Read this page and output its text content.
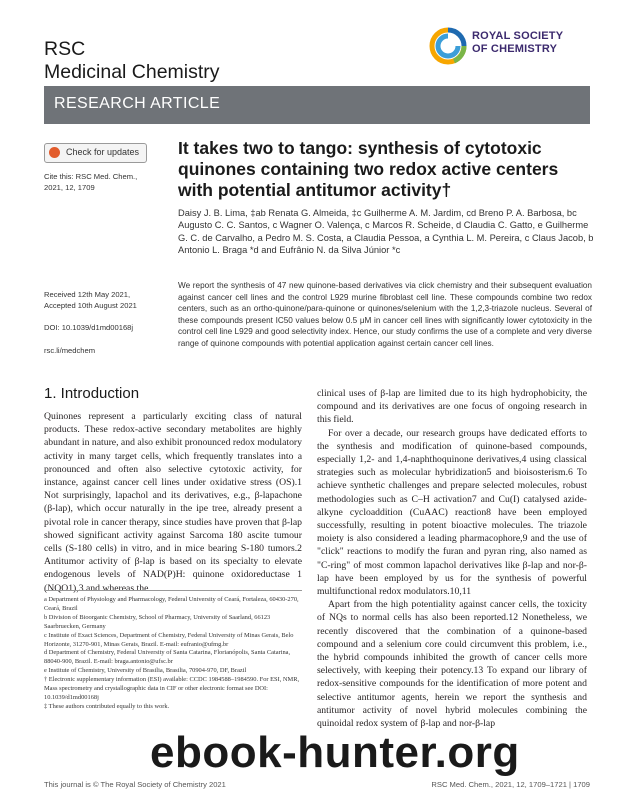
RSC
Medicinal Chemistry
ROYAL SOCIETY
OF CHEMISTRY
RESEARCH ARTICLE
Check for updates
Cite this: RSC Med. Chem., 2021, 12, 1709
It takes two to tango: synthesis of cytotoxic quinones containing two redox active centers with potential antitumor activity†
Daisy J. B. Lima, ‡ab Renata G. Almeida, ‡c Guilherme A. M. Jardim, cd Breno P. A. Barbosa, bc Augusto C. C. Santos, c Wagner O. Valença, c Marcos R. Scheide, d Claudia C. Gatto, e Guilherme G. C. de Carvalho, a Pedro M. S. Costa, a Claudia Pessoa, a Cynthia L. M. Pereira, c Claus Jacob, b Antonio L. Braga *d and Eufrânio N. da Silva Júnior *c
Received 12th May 2021,
Accepted 10th August 2021
DOI: 10.1039/d1md00168j
rsc.li/medchem
We report the synthesis of 47 new quinone-based derivatives via click chemistry and their subsequent evaluation against cancer cell lines and the control L929 murine fibroblast cell line. These compounds combine two redox centers, such as an ortho-quinone/para-quinone or quinones/selenium with the 1,2,3-triazole nucleus. Several of these compounds present IC50 values below 0.5 μM in cancer cell lines with significantly lower cytotoxicity in the control cell line L929 and good selectivity index. Hence, our study confirms the use of a complete and very diverse range of quinone compounds with potential application against certain cancer cell lines.
1. Introduction

Quinones represent a particularly exciting class of natural products. These redox-active secondary metabolites are highly abundant in nature, and also exhibit pronounced redox modulatory activity in many target cells, which frequently translates into a pronounced and often also selective cytotoxic activity, for instance, against cancer cell lines under oxidative stress (OS).1 Not surprisingly, lapachol and its derivatives, e.g., β-lapachone (β-lap), which occur naturally in the ipe tree, already present a pivotal role in cancer therapy, since studies have proven that β-lap showed significant activity against Sarcoma 180 ascite tumour cells (S-180 cells) in vitro, and in mice bearing S-180 tumors.2 Antitumor activity of β-lap is based on its specialty to elevate endogenous levels of NAD(P)H: quinone oxidoreductase 1 (NQO1),3 and whereas the

a Department of Physiology and Pharmacology, Federal University of Ceará, Fortaleza, 60430-270, Ceará, Brazil
b Division of Bioorganic Chemistry, School of Pharmacy, University of Saarland, 66123 Saarbruecken, Germany
c Institute of Exact Sciences, Department of Chemistry, Federal University of Minas Gerais, Belo Horizonte, 31270-901, Minas Gerais, Brazil. E-mail: eufranio@ufmg.br
d Department of Chemistry, Federal University of Santa Catarina, Florianópolis, Santa Catarina, 88040-900, Brazil. E-mail: braga.antonio@ufsc.br
e Institute of Chemistry, University of Brasilia, Brasilia, 70904-970, DF, Brazil
† Electronic supplementary information (ESI) available: CCDC 1984588–1984590. For ESI, NMR, Mass spectrometry and crystallographic data in CIF or other electronic format see DOI: 10.1039/d1md00168j
‡ These authors contributed equally to this work.

clinical uses of β-lap are limited due to its high hydrophobicity, the compound and its derivatives are one focus of ongoing research in this field.

For over a decade, our research groups have dedicated efforts to the synthesis and modification of quinone-based compounds, especially 1,2- and 1,4-naphthoquinone derivatives,4 using classical strategies such as molecular hybridization5 and bioisosterism.6 To achieve synthetic challenges and prepare selected molecules, robust methodologies such as C–H activation7 and Cu(I) catalysed azide-alkyne cycloaddition (CuAAC) reaction8 have been employed successfully, resulting in potent bioactive molecules. The triazole moiety is also considered a leading pharmacophore,9 and the use of "click" reactions to modify the furan and pyran ring, also named as "C-ring" of most common lapachol derivatives like β-lap and nor-β-lap have been employed by us for the synthesis of powerful multifunctional redox modulators.10,11

Apart from the high potentiality against cancer cells, the toxicity of NQs to normal cells has also been reported.12 Nonetheless, we recently discovered that the combination of a quinone-based compound and a selenium core could circumvent this problem, i.e., the hybrid compounds inhibited the growth of cancer cells more selectively, with keeping their potency.13 To expand our library of redox-sensitive compounds for the identification of more potent and selective antitumor agents, herein we report the synthesis and antitumor activity of novel hybrid molecules combining the quinoidal redox system of β-lap and nor-β-lap

ebook-hunter.org
This journal is © The Royal Society of Chemistry 2021	RSC Med. Chem., 2021, 12, 1709–1721 | 1709
